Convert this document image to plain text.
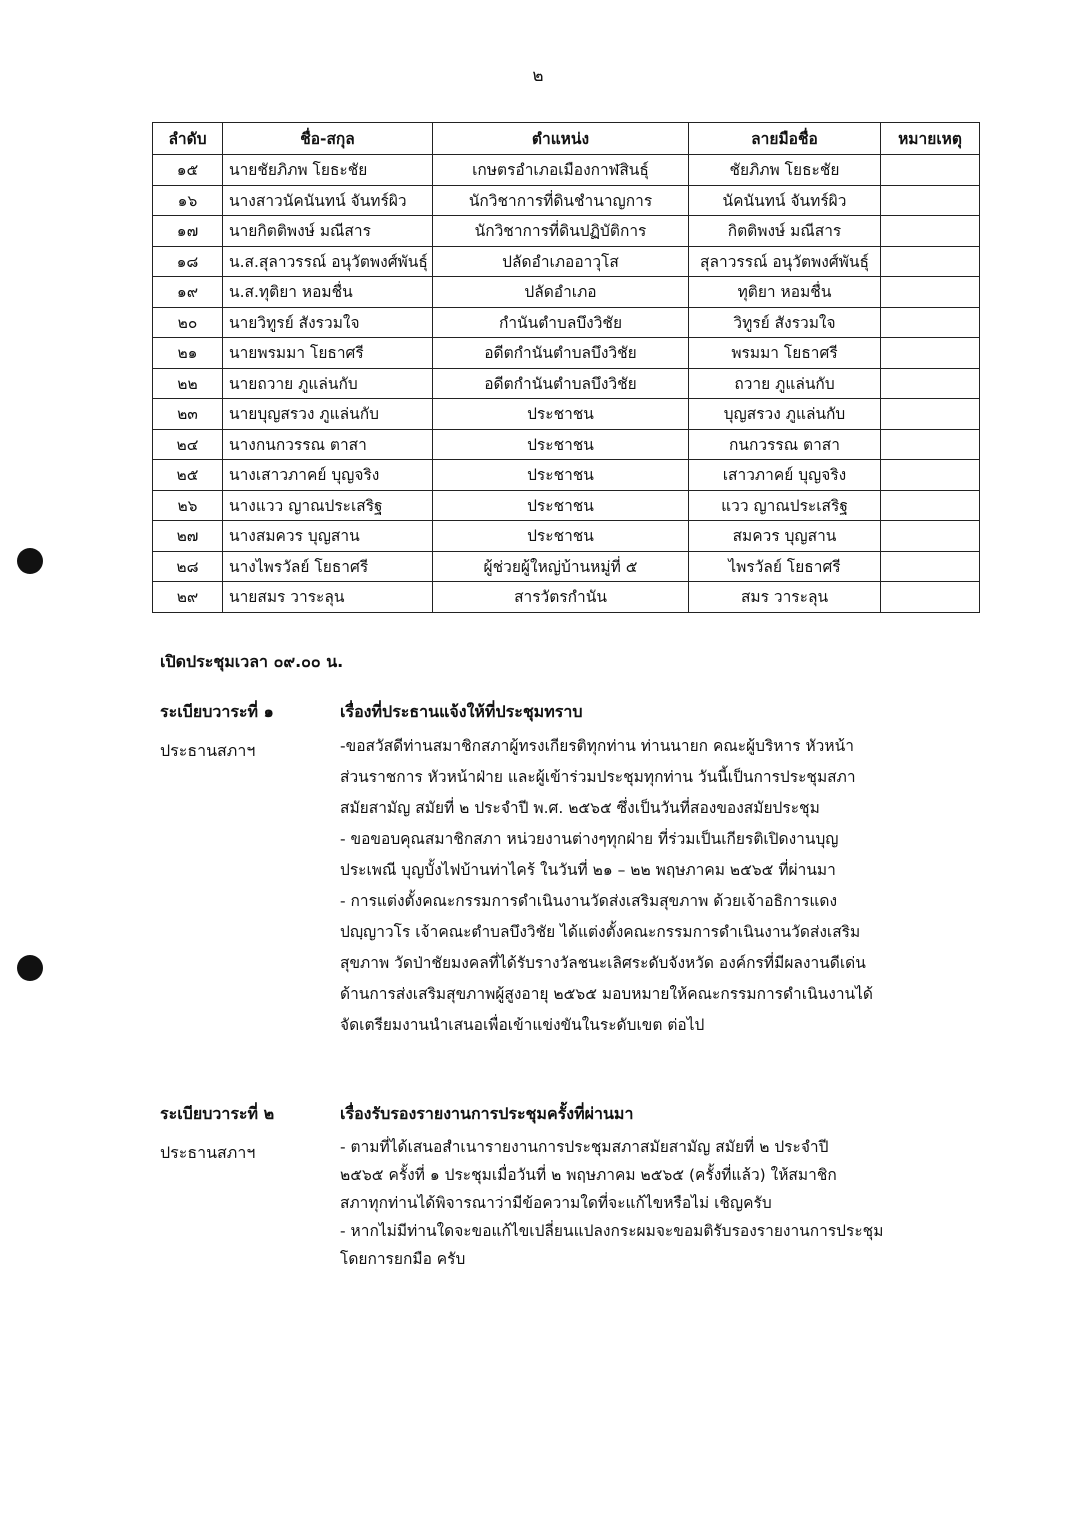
๒
ลำดับ	ชื่อ-สกุล	ตำแหน่ง	ลายมือชื่อ	หมายเหตุ
๑๕	นายชัยภิภพ โยธะชัย	เกษตรอำเภอเมืองกาฬสินธุ์	ชัยภิภพ โยธะชัย	
๑๖	นางสาวนัคนันทน์ จันทร์ผิว	นักวิชาการที่ดินชำนาญการ	นัคนันทน์ จันทร์ผิว	
๑๗	นายกิตติพงษ์ มณีสาร	นักวิชาการที่ดินปฏิบัติการ	กิตติพงษ์ มณีสาร	
๑๘	น.ส.สุลาวรรณ์ อนุวัตพงศ์พันธุ์	ปลัดอำเภออาวุโส	สุลาวรรณ์ อนุวัตพงศ์พันธุ์	
๑๙	น.ส.ทุติยา หอมชื่น	ปลัดอำเภอ	ทุติยา หอมชื่น	
๒๐	นายวิทูรย์ สังรวมใจ	กำนันตำบลบึงวิชัย	วิทูรย์ สังรวมใจ	
๒๑	นายพรมมา โยธาศรี	อดีตกำนันตำบลบึงวิชัย	พรมมา โยธาศรี	
๒๒	นายถวาย ภูแล่นกับ	อดีตกำนันตำบลบึงวิชัย	ถวาย ภูแล่นกับ	
๒๓	นายบุญสรวง ภูแล่นกับ	ประชาชน	บุญสรวง ภูแล่นกับ	
๒๔	นางกนกวรรณ ตาสา	ประชาชน	กนกวรรณ ตาสา	
๒๕	นางเสาวภาคย์ บุญจริง	ประชาชน	เสาวภาคย์ บุญจริง	
๒๖	นางแวว ญาณประเสริฐ	ประชาชน	แวว ญาณประเสริฐ	
๒๗	นางสมควร บุญสาน	ประชาชน	สมควร บุญสาน	
๒๘	นางไพรวัลย์ โยธาศรี	ผู้ช่วยผู้ใหญ่บ้านหมู่ที่ ๕	ไพรวัลย์ โยธาศรี	
๒๙	นายสมร วาระลุน	สารวัตรกำนัน	สมร วาระลุน	
เปิดประชุมเวลา ๐๙.๐๐ น.
ระเบียบวาระที่ ๑
ประธานสภาฯ
เรื่องที่ประธานแจ้งให้ที่ประชุมทราบ

-ขอสวัสดีท่านสมาชิกสภาผู้ทรงเกียรติทุกท่าน ท่านนายก คณะผู้บริหาร หัวหน้า

ส่วนราชการ หัวหน้าฝ่าย และผู้เข้าร่วมประชุมทุกท่าน วันนี้เป็นการประชุมสภา

สมัยสามัญ สมัยที่ ๒ ประจำปี พ.ศ. ๒๕๖๕ ซึ่งเป็นวันที่สองของสมัยประชุม

- ขอขอบคุณสมาชิกสภา หน่วยงานต่างๆทุกฝ่าย ที่ร่วมเป็นเกียรติเปิดงานบุญ

ประเพณี บุญบั้งไฟบ้านท่าไคร้ ในวันที่ ๒๑ – ๒๒ พฤษภาคม ๒๕๖๕ ที่ผ่านมา

- การแต่งตั้งคณะกรรมการดำเนินงานวัดส่งเสริมสุขภาพ ด้วยเจ้าอธิการแดง

ปญฺญาวโร เจ้าคณะตำบลบึงวิชัย ได้แต่งตั้งคณะกรรมการดำเนินงานวัดส่งเสริม

สุขภาพ วัดป่าชัยมงคลที่ได้รับรางวัลชนะเลิศระดับจังหวัด องค์กรที่มีผลงานดีเด่น

ด้านการส่งเสริมสุขภาพผู้สูงอายุ ๒๕๖๕ มอบหมายให้คณะกรรมการดำเนินงานได้

จัดเตรียมงานนำเสนอเพื่อเข้าแข่งขันในระดับเขต ต่อไป

ระเบียบวาระที่ ๒
ประธานสภาฯ
เรื่องรับรองรายงานการประชุมครั้งที่ผ่านมา

- ตามที่ได้เสนอสำเนารายงานการประชุมสภาสมัยสามัญ สมัยที่ ๒ ประจำปี

๒๕๖๕ ครั้งที่ ๑ ประชุมเมื่อวันที่ ๒ พฤษภาคม ๒๕๖๕ (ครั้งที่แล้ว) ให้สมาชิก

สภาทุกท่านได้พิจารณาว่ามีข้อความใดที่จะแก้ไขหรือไม่ เชิญครับ

- หากไม่มีท่านใดจะขอแก้ไขเปลี่ยนแปลงกระผมจะขอมติรับรองรายงานการประชุม

โดยการยกมือ ครับ
